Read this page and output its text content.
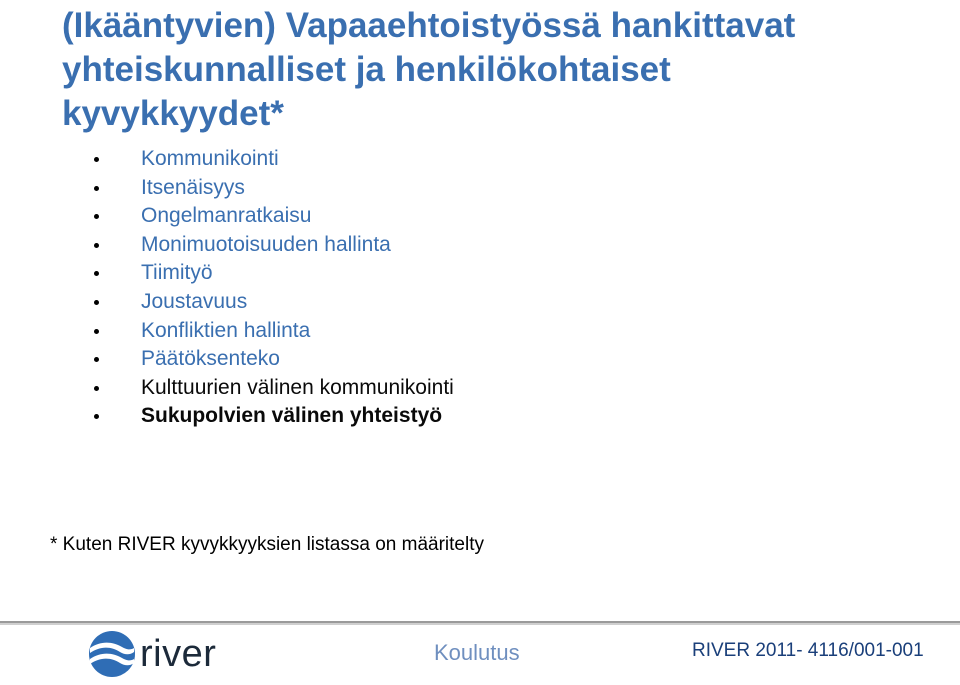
(Ikääntyvien) Vapaaehtoistyössä hankittavat
yhteiskunnalliset ja henkilökohtaiset
kyvykkyydet*
Kommunikointi
Itsenäisyys
Ongelmanratkaisu
Monimuotoisuuden hallinta
Tiimityö
Joustavuus
Konfliktien hallinta
Päätöksenteko
Kulttuurien välinen kommunikointi
Sukupolvien välinen yhteistyö
* Kuten RIVER kyvykkyyksien listassa on määritelty
river	Koulutus	RIVER 2011- 4116/001-001
